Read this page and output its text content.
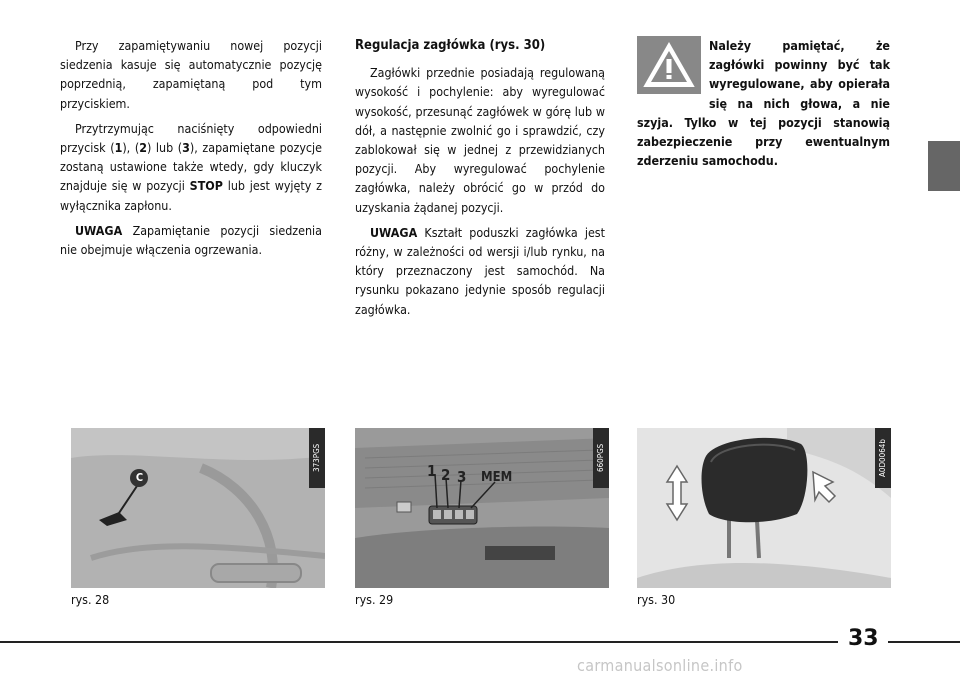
Przy zapamiętywaniu nowej pozycji siedzenia kasuje się automatycznie pozycję poprzednią, zapamiętaną pod tym przyciskiem.

Przytrzymując naciśnięty odpowiedni przycisk (1), (2) lub (3), zapamiętane pozycje zostaną ustawione także wtedy, gdy kluczyk znajduje się w pozycji STOP lub jest wyjęty z wyłącznika zapłonu.

UWAGA Zapamiętanie pozycji siedzenia nie obejmuje włączenia ogrzewania.

Regulacja zagłówka (rys. 30)

Zagłówki przednie posiadają regulowaną wysokość i pochylenie: aby wyregulować wysokość, przesunąć zagłówek w górę lub w dół, a następnie zwolnić go i sprawdzić, czy zablokował się w jednej z przewidzianych pozycji. Aby wyregulować pochylenie zagłówka, należy obrócić go w przód do uzyskania żądanej pozycji.

UWAGA Kształt poduszki zagłówka jest różny, w zależności od wersji i/lub rynku, na który przeznaczony jest samochód. Na rysunku pokazano jedynie sposób regulacji zagłówka.

Należy pamiętać, że zagłówki powinny być tak wyregulowane, aby opierała się na nich głowa, a nie szyja. Tylko w tej pozycji stanowią zabezpieczenie przy ewentualnym zderzeniu samochodu.
C
373PGS
rys. 28
1 2 3 MEM
660PGS
rys. 29
A0D0064b
rys. 30
33
carmanualsonline.info
